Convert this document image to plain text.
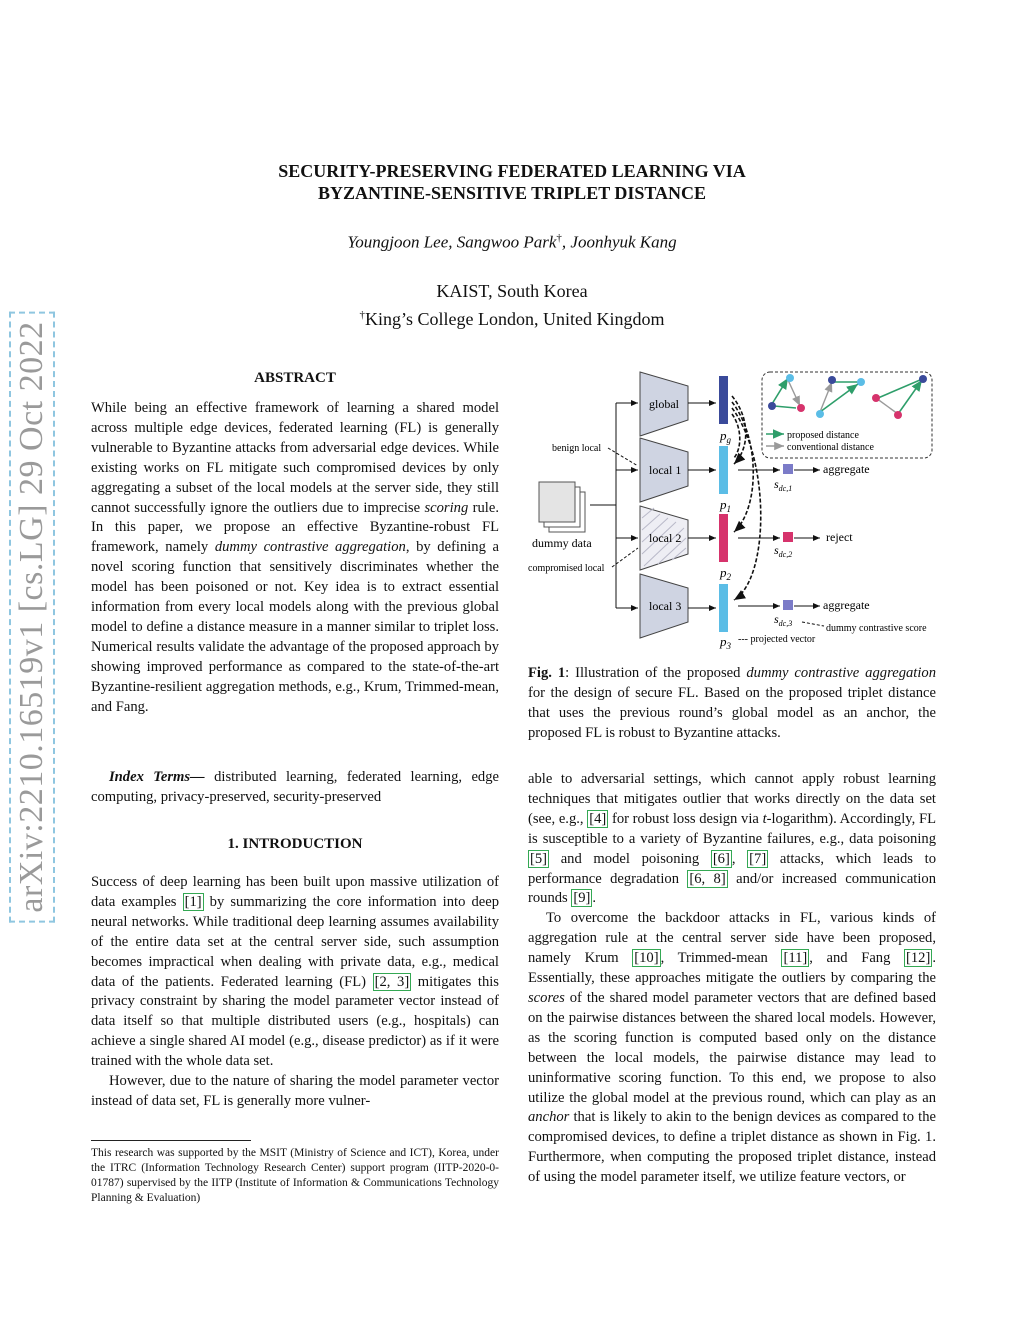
arXiv:2210.16519v1 [cs.LG] 29 Oct 2022
SECURITY-PRESERVING FEDERATED LEARNING VIA
BYZANTINE-SENSITIVE TRIPLET DISTANCE
Youngjoon Lee, Sangwoo Park†, Joonhyuk Kang
KAIST, South Korea
†King’s College London, United Kingdom
ABSTRACT

While being an effective framework of learning a shared model across multiple edge devices, federated learning (FL) is generally vulnerable to Byzantine attacks from adversarial edge devices. While existing works on FL mitigate such compromised devices by only aggregating a subset of the local models at the server side, they still cannot successfully ignore the outliers due to imprecise scoring rule. In this paper, we propose an effective Byzantine-robust FL framework, namely dummy contrastive aggregation, by defining a novel scoring function that sensitively discriminates whether the model has been poisoned or not. Key idea is to extract essential information from every local models along with the previous global model to define a distance measure in a manner similar to triplet loss. Numerical results validate the advantage of the proposed approach by showing improved performance as compared to the state-of-the-art Byzantine-resilient aggregation methods, e.g., Krum, Trimmed-mean, and Fang.

Index Terms— distributed learning, federated learning, edge computing, privacy-preserved, security-preserved

1. INTRODUCTION

Success of deep learning has been built upon massive utilization of data examples [1] by summarizing the core information into deep neural networks. While traditional deep learning assumes availability of the entire data set at the central server side, such assumption becomes impractical when dealing with private data, e.g., medical data of the patients. Federated learning (FL) [2, 3] mitigates this privacy constraint by sharing the model parameter vector instead of data itself so that multiple distributed users (e.g., hospitals) can achieve a single shared AI model (e.g., disease predictor) as if it were trained with the whole data set.

However, due to the nature of sharing the model parameter vector instead of data set, FL is generally more vulner-

This research was supported by the MSIT (Ministry of Science and ICT), Korea, under the ITRC (Information Technology Research Center) support program (IITP-2020-0-01787) supervised by the IITP (Institute of Information & Communications Technology Planning & Evaluation)
dummy data
global
local 1
local 2
local 3
benign local
compromised local
$p_g$
$p_1$
$p_2$
$p_3$
--- projected vector
aggregate
$s_{dc,1}$
reject
$s_{dc,2}$
aggregate
$s_{dc,3}$	dummy contrastive score
proposed distance
conventional distance
Fig. 1: Illustration of the proposed dummy contrastive aggregation for the design of secure FL. Based on the proposed triplet distance that uses the previous round’s global model as an anchor, the proposed FL is robust to Byzantine attacks.

able to adversarial settings, which cannot apply robust learning techniques that mitigates outlier that works directly on the data set (see, e.g., [4] for robust loss design via t-logarithm). Accordingly, FL is susceptible to a variety of Byzantine failures, e.g., data poisoning [5] and model poisoning [6] , [7] attacks, which leads to performance degradation [6, 8] and/or increased communication rounds [9] .

To overcome the backdoor attacks in FL, various kinds of aggregation rule at the central server side have been proposed, namely Krum [10] , Trimmed-mean [11] , and Fang [12] . Essentially, these approaches mitigate the outliers by comparing the scores of the shared model parameter vectors that are defined based on the pairwise distances between the shared local models. However, as the scoring function is computed based only on the distance between the local models, the pairwise distance may lead to uninformative scoring function. To this end, we propose to also utilize the global model at the previous round, which can play as an anchor that is likely to akin to the benign devices as compared to the compromised devices, to define a triplet distance as shown in Fig. 1. Furthermore, when computing the proposed triplet distance, instead of using the model parameter itself, we utilize feature vectors, or
